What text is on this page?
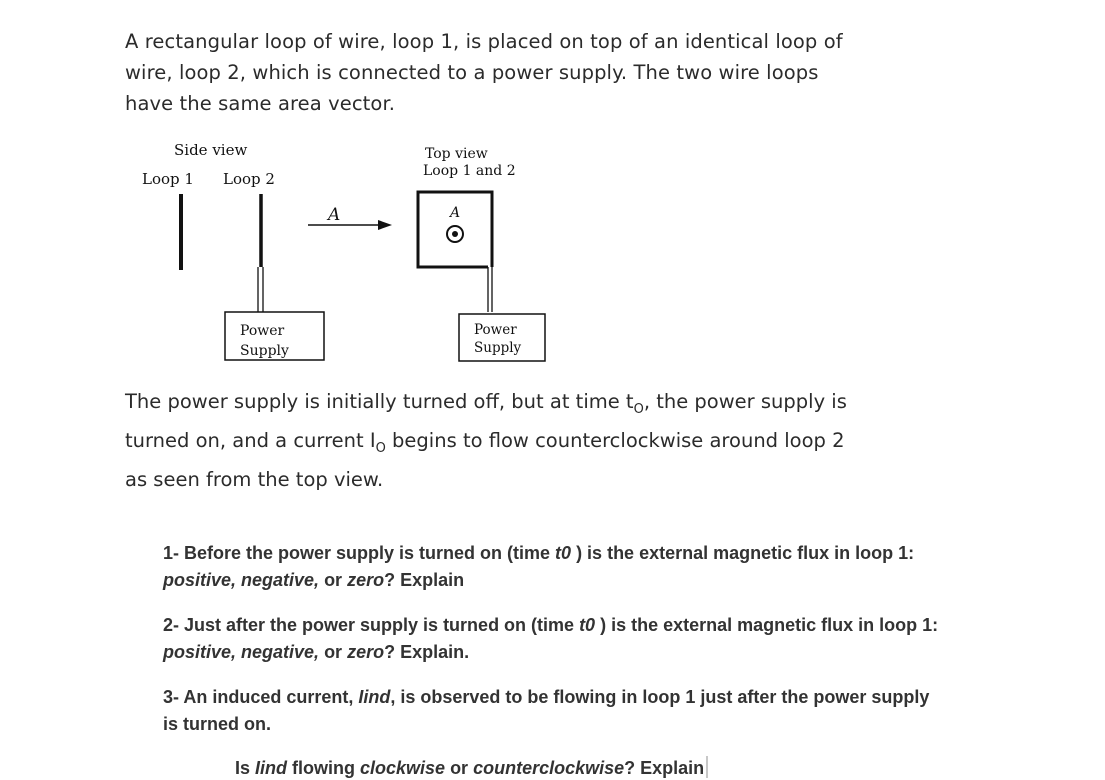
A rectangular loop of wire, loop 1, is placed on top of an identical loop of
wire, loop 2, which is connected to a power supply. The two wire loops
have the same area vector.
Side view
Loop 1 Loop 2
Power
Supply
A
Top view
Loop 1 and 2
A
Power
Supply
The power supply is initially turned off, but at time $t_O$, the power supply is
turned on, and a current $I_O$ begins to flow counterclockwise around loop 2
as seen from the top view.

1- Before the power supply is turned on (time t0 ) is the external magnetic flux in loop 1:
positive, negative, or zero? Explain

2- Just after the power supply is turned on (time t0 ) is the external magnetic flux in loop 1:
positive, negative, or zero? Explain.

3- An induced current, Iind, is observed to be flowing in loop 1 just after the power supply
is turned on.

Is Iind flowing clockwise or counterclockwise? Explain
